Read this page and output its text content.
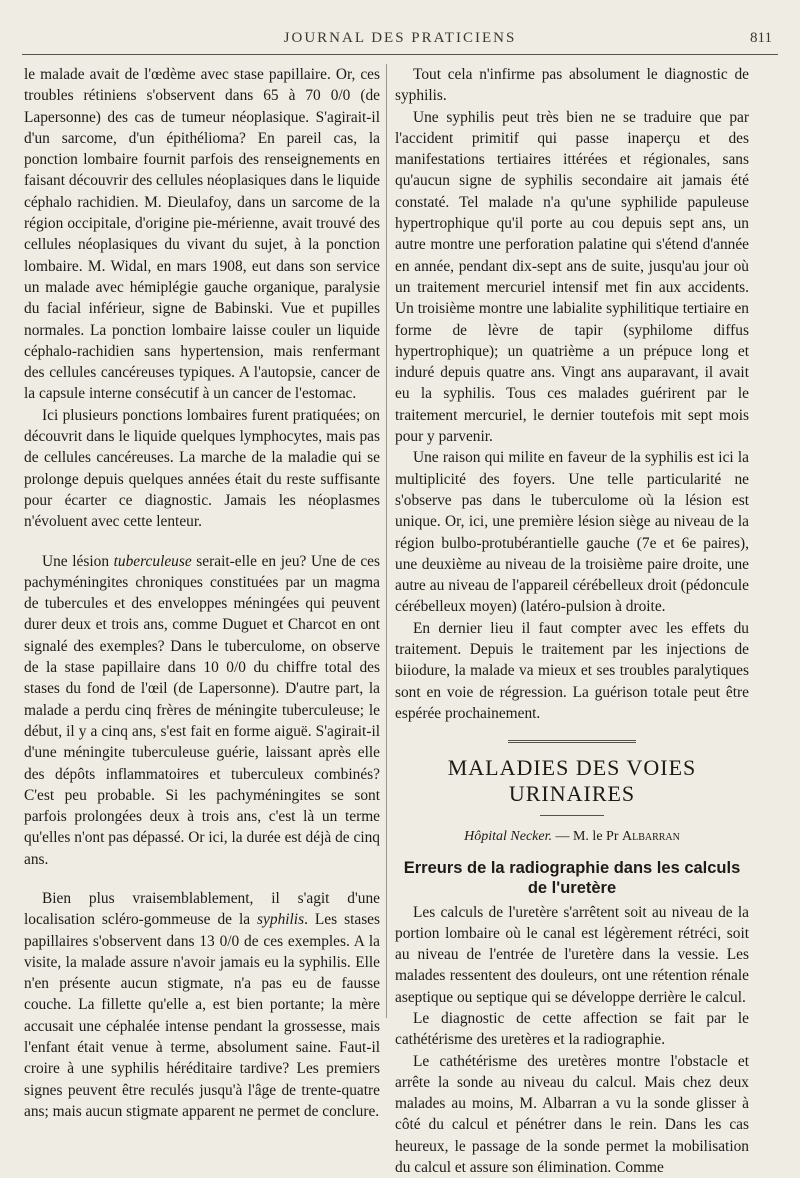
JOURNAL DES PRATICIENS	811

le malade avait de l'œdème avec stase papillaire. Or, ces troubles rétiniens s'observent dans 65 à 70 0/0 (de Lapersonne) des cas de tumeur néoplasique. S'agirait-il d'un sarcome, d'un épithélioma? En pareil cas, la ponction lombaire fournit parfois des renseignements en faisant découvrir des cellules néoplasiques dans le liquide céphalo rachidien. M. Dieulafoy, dans un sarcome de la région occipitale, d'origine pie-mérienne, avait trouvé des cellules néoplasiques du vivant du sujet, à la ponction lombaire. M. Widal, en mars 1908, eut dans son service un malade avec hémiplégie gauche organique, paralysie du facial inférieur, signe de Babinski. Vue et pupilles normales. La ponction lombaire laisse couler un liquide céphalo-rachidien sans hypertension, mais renfermant des cellules cancéreuses typiques. A l'autopsie, cancer de la capsule interne consécutif à un cancer de l'estomac.

Ici plusieurs ponctions lombaires furent pratiquées; on découvrit dans le liquide quelques lymphocytes, mais pas de cellules cancéreuses. La marche de la maladie qui se prolonge depuis quelques années était du reste suffisante pour écarter ce diagnostic. Jamais les néoplasmes n'évoluent avec cette lenteur.

Une lésion tuberculeuse serait-elle en jeu? Une de ces pachyméningites chroniques constituées par un magma de tubercules et des enveloppes méningées qui peuvent durer deux et trois ans, comme Duguet et Charcot en ont signalé des exemples? Dans le tuberculome, on observe de la stase papillaire dans 10 0/0 du chiffre total des stases du fond de l'œil (de Lapersonne). D'autre part, la malade a perdu cinq frères de méningite tuberculeuse; le début, il y a cinq ans, s'est fait en forme aiguë. S'agirait-il d'une méningite tuberculeuse guérie, laissant après elle des dépôts inflammatoires et tuberculeux combinés? C'est peu probable. Si les pachyméningites se sont parfois prolongées deux à trois ans, c'est là un terme qu'elles n'ont pas dépassé. Or ici, la durée est déjà de cinq ans.

Bien plus vraisemblablement, il s'agit d'une localisation scléro-gommeuse de la syphilis. Les stases papillaires s'observent dans 13 0/0 de ces exemples. A la visite, la malade assure n'avoir jamais eu la syphilis. Elle n'en présente aucun stigmate, n'a pas eu de fausse couche. La fillette qu'elle a, est bien portante; la mère accusait une céphalée intense pendant la grossesse, mais l'enfant était venue à terme, absolument saine. Faut-il croire à une syphilis héréditaire tardive? Les premiers signes peuvent être reculés jusqu'à l'âge de trente-quatre ans; mais aucun stigmate apparent ne permet de conclure.

Tout cela n'infirme pas absolument le diagnostic de syphilis.

Une syphilis peut très bien ne se traduire que par l'accident primitif qui passe inaperçu et des manifestations tertiaires ittérées et régionales, sans qu'aucun signe de syphilis secondaire ait jamais été constaté. Tel malade n'a qu'une syphilide papuleuse hypertrophique qu'il porte au cou depuis sept ans, un autre montre une perforation palatine qui s'étend d'année en année, pendant dix-sept ans de suite, jusqu'au jour où un traitement mercuriel intensif met fin aux accidents. Un troisième montre une labialite syphilitique tertiaire en forme de lèvre de tapir (syphilome diffus hypertrophique); un quatrième a un prépuce long et induré depuis quatre ans. Vingt ans auparavant, il avait eu la syphilis. Tous ces malades guérirent par le traitement mercuriel, le dernier toutefois mit sept mois pour y parvenir.

Une raison qui milite en faveur de la syphilis est ici la multiplicité des foyers. Une telle particularité ne s'observe pas dans le tuberculome où la lésion est unique. Or, ici, une première lésion siège au niveau de la région bulbo-protubérantielle gauche (7e et 6e paires), une deuxième au niveau de la troisième paire droite, une autre au niveau de l'appareil cérébelleux droit (pédoncule cérébelleux moyen) (latéro-pulsion à droite.

En dernier lieu il faut compter avec les effets du traitement. Depuis le traitement par les injections de biiodure, la malade va mieux et ses troubles paralytiques sont en voie de régression. La guérison totale peut être espérée prochainement.

MALADIES DES VOIES URINAIRES
Hôpital Necker. — M. le Pr Albarran
Erreurs de la radiographie dans les calculs de l'uretère

Les calculs de l'uretère s'arrêtent soit au niveau de la portion lombaire où le canal est légèrement rétréci, soit au niveau de l'entrée de l'uretère dans la vessie. Les malades ressentent des douleurs, ont une rétention rénale aseptique ou septique qui se développe derrière le calcul.

Le diagnostic de cette affection se fait par le cathétérisme des uretères et la radiographie.

Le cathétérisme des uretères montre l'obstacle et arrête la sonde au niveau du calcul. Mais chez deux malades au moins, M. Albarran a vu la sonde glisser à côté du calcul et pénétrer dans le rein. Dans les cas heureux, le passage de la sonde permet la mobilisation du calcul et assure son élimination. Comme
